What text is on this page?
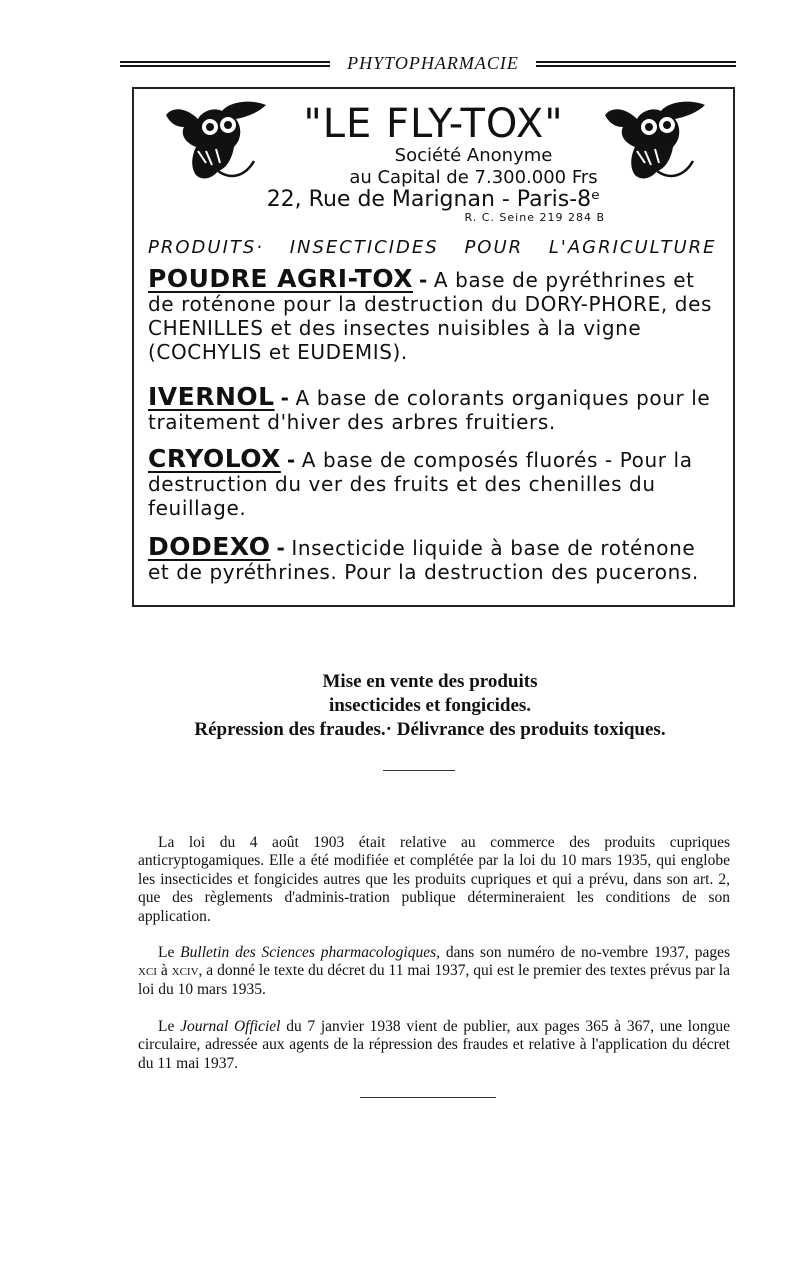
PHYTOPHARMACIE
"LE FLY-TOX"
Société Anonyme
au Capital de 7.300.000 Frs
22, Rue de Marignan - Paris-8ᵉ
R. C. Seine 219 284 B
PRODUITS· INSECTICIDES POUR L'AGRICULTURE
POUDRE AGRI-TOX - A base de pyréthrines et de roténone pour la destruction du DORY-PHORE, des CHENILLES et des insectes nuisibles à la vigne (COCHYLIS et EUDEMIS).
IVERNOL - A base de colorants organiques pour le traitement d'hiver des arbres fruitiers.
CRYOLOX - A base de composés fluorés - Pour la destruction du ver des fruits et des chenilles du feuillage.
DODEXO - Insecticide liquide à base de roténone et de pyréthrines. Pour la destruction des pucerons.
Mise en vente des produits
insecticides et fongicides.
Répression des fraudes.· Délivrance des produits toxiques.

La loi du 4 août 1903 était relative au commerce des produits cupriques anticryptogamiques. Elle a été modifiée et complétée par la loi du 10 mars 1935, qui englobe les insecticides et fongicides autres que les produits cupriques et qui a prévu, dans son art. 2, que des règlements d'adminis-tration publique détermineraient les conditions de son application.

Le Bulletin des Sciences pharmacologiques, dans son numéro de no-vembre 1937, pages xci à xciv, a donné le texte du décret du 11 mai 1937, qui est le premier des textes prévus par la loi du 10 mars 1935.

Le Journal Officiel du 7 janvier 1938 vient de publier, aux pages 365 à 367, une longue circulaire, adressée aux agents de la répression des fraudes et relative à l'application du décret du 11 mai 1937.
